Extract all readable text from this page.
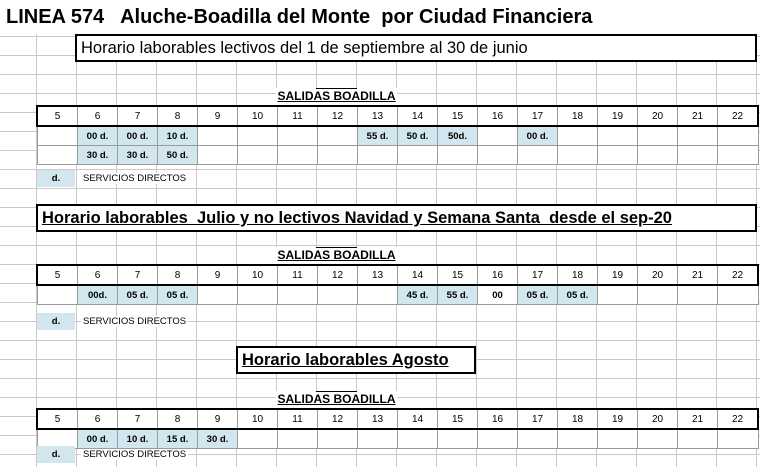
LINEA 574   Aluche-Boadilla del Monte  por Ciudad Financiera
Horario laborables lectivos del 1 de septiembre al 30 de junio
SALIDAS BOADILLA
5	6	7	8	9	10	11	12	13	14	15	16	17	18	19	20	21	22
	00 d.	00 d.	10 d.					55 d.	50 d.	50d.		00 d.					
	30 d.	30 d.	50 d.														
d.	SERVICIOS DIRECTOS
Horario laborables  Julio y no lectivos Navidad y Semana Santa  desde el sep-20
SALIDAS BOADILLA
5	6	7	8	9	10	11	12	13	14	15	16	17	18	19	20	21	22
	00d.	05 d.	05 d.						45 d.	55 d.	00	05 d.	05 d.				
d.	SERVICIOS DIRECTOS
Horario laborables Agosto
SALIDAS BOADILLA
5	6	7	8	9	10	11	12	13	14	15	16	17	18	19	20	21	22
	00 d.	10 d.	15 d.	30 d.													
d.	SERVICIOS DIRECTOS
